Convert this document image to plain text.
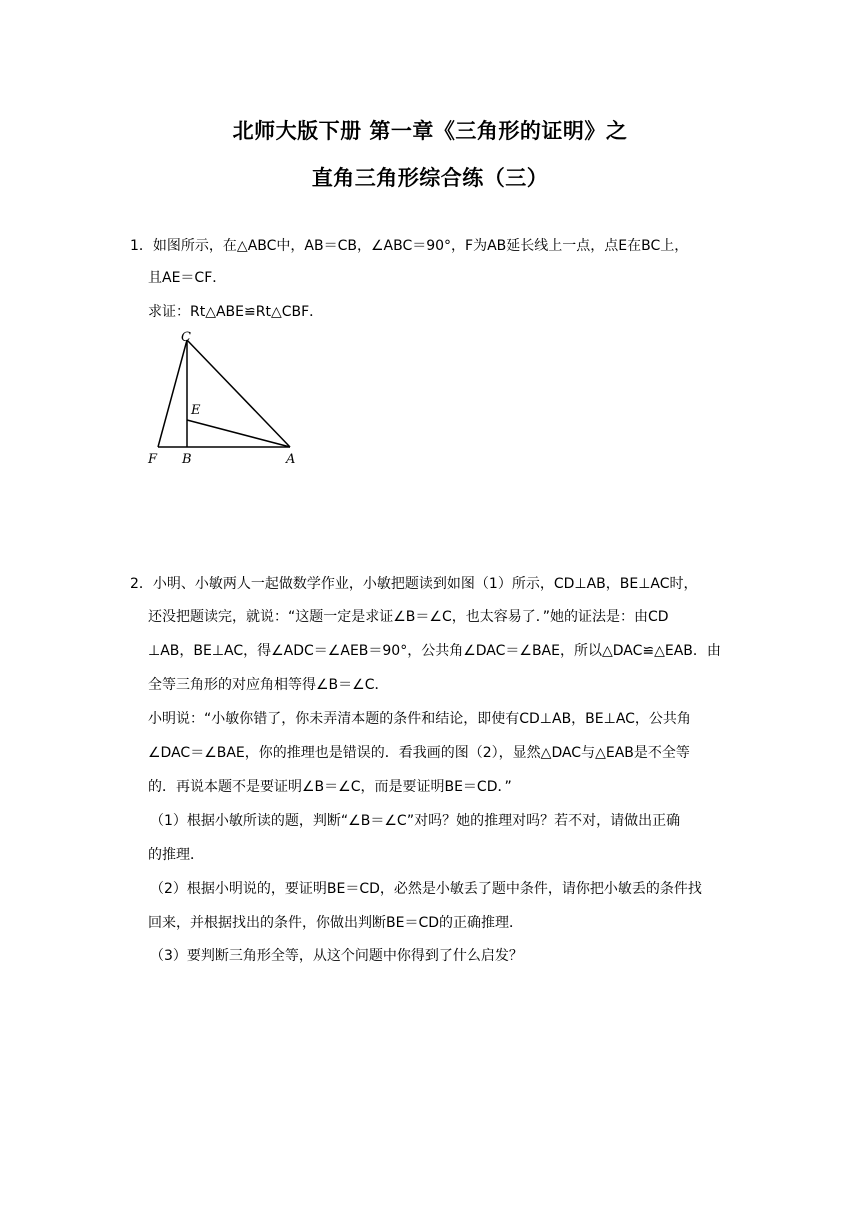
北师大版下册 第一章《三角形的证明》之
直角三角形综合练（三）
1．如图所示，在△ABC中，AB＝CB，∠ABC＝90°，F为AB延长线上一点，点E在BC上，
且AE＝CF．
求证：Rt△ABE≌Rt△CBF．
C
E
F B	A
2．小明、小敏两人一起做数学作业，小敏把题读到如图（1）所示，CD⊥AB，BE⊥AC时，
还没把题读完，就说：“这题一定是求证∠B＝∠C，也太容易了．”她的证法是：由CD
⊥AB，BE⊥AC，得∠ADC＝∠AEB＝90°，公共角∠DAC＝∠BAE，所以△DAC≌△EAB．由
全等三角形的对应角相等得∠B＝∠C．
小明说：“小敏你错了，你未弄清本题的条件和结论，即使有CD⊥AB，BE⊥AC，公共角
∠DAC＝∠BAE，你的推理也是错误的．看我画的图（2），显然△DAC与△EAB是不全等
的．再说本题不是要证明∠B＝∠C，而是要证明BE＝CD．”
（1）根据小敏所读的题，判断“∠B＝∠C”对吗？她的推理对吗？若不对，请做出正确
的推理．
（2）根据小明说的，要证明BE＝CD，必然是小敏丢了题中条件，请你把小敏丢的条件找
回来，并根据找出的条件，你做出判断BE＝CD的正确推理．
（3）要判断三角形全等，从这个问题中你得到了什么启发？
